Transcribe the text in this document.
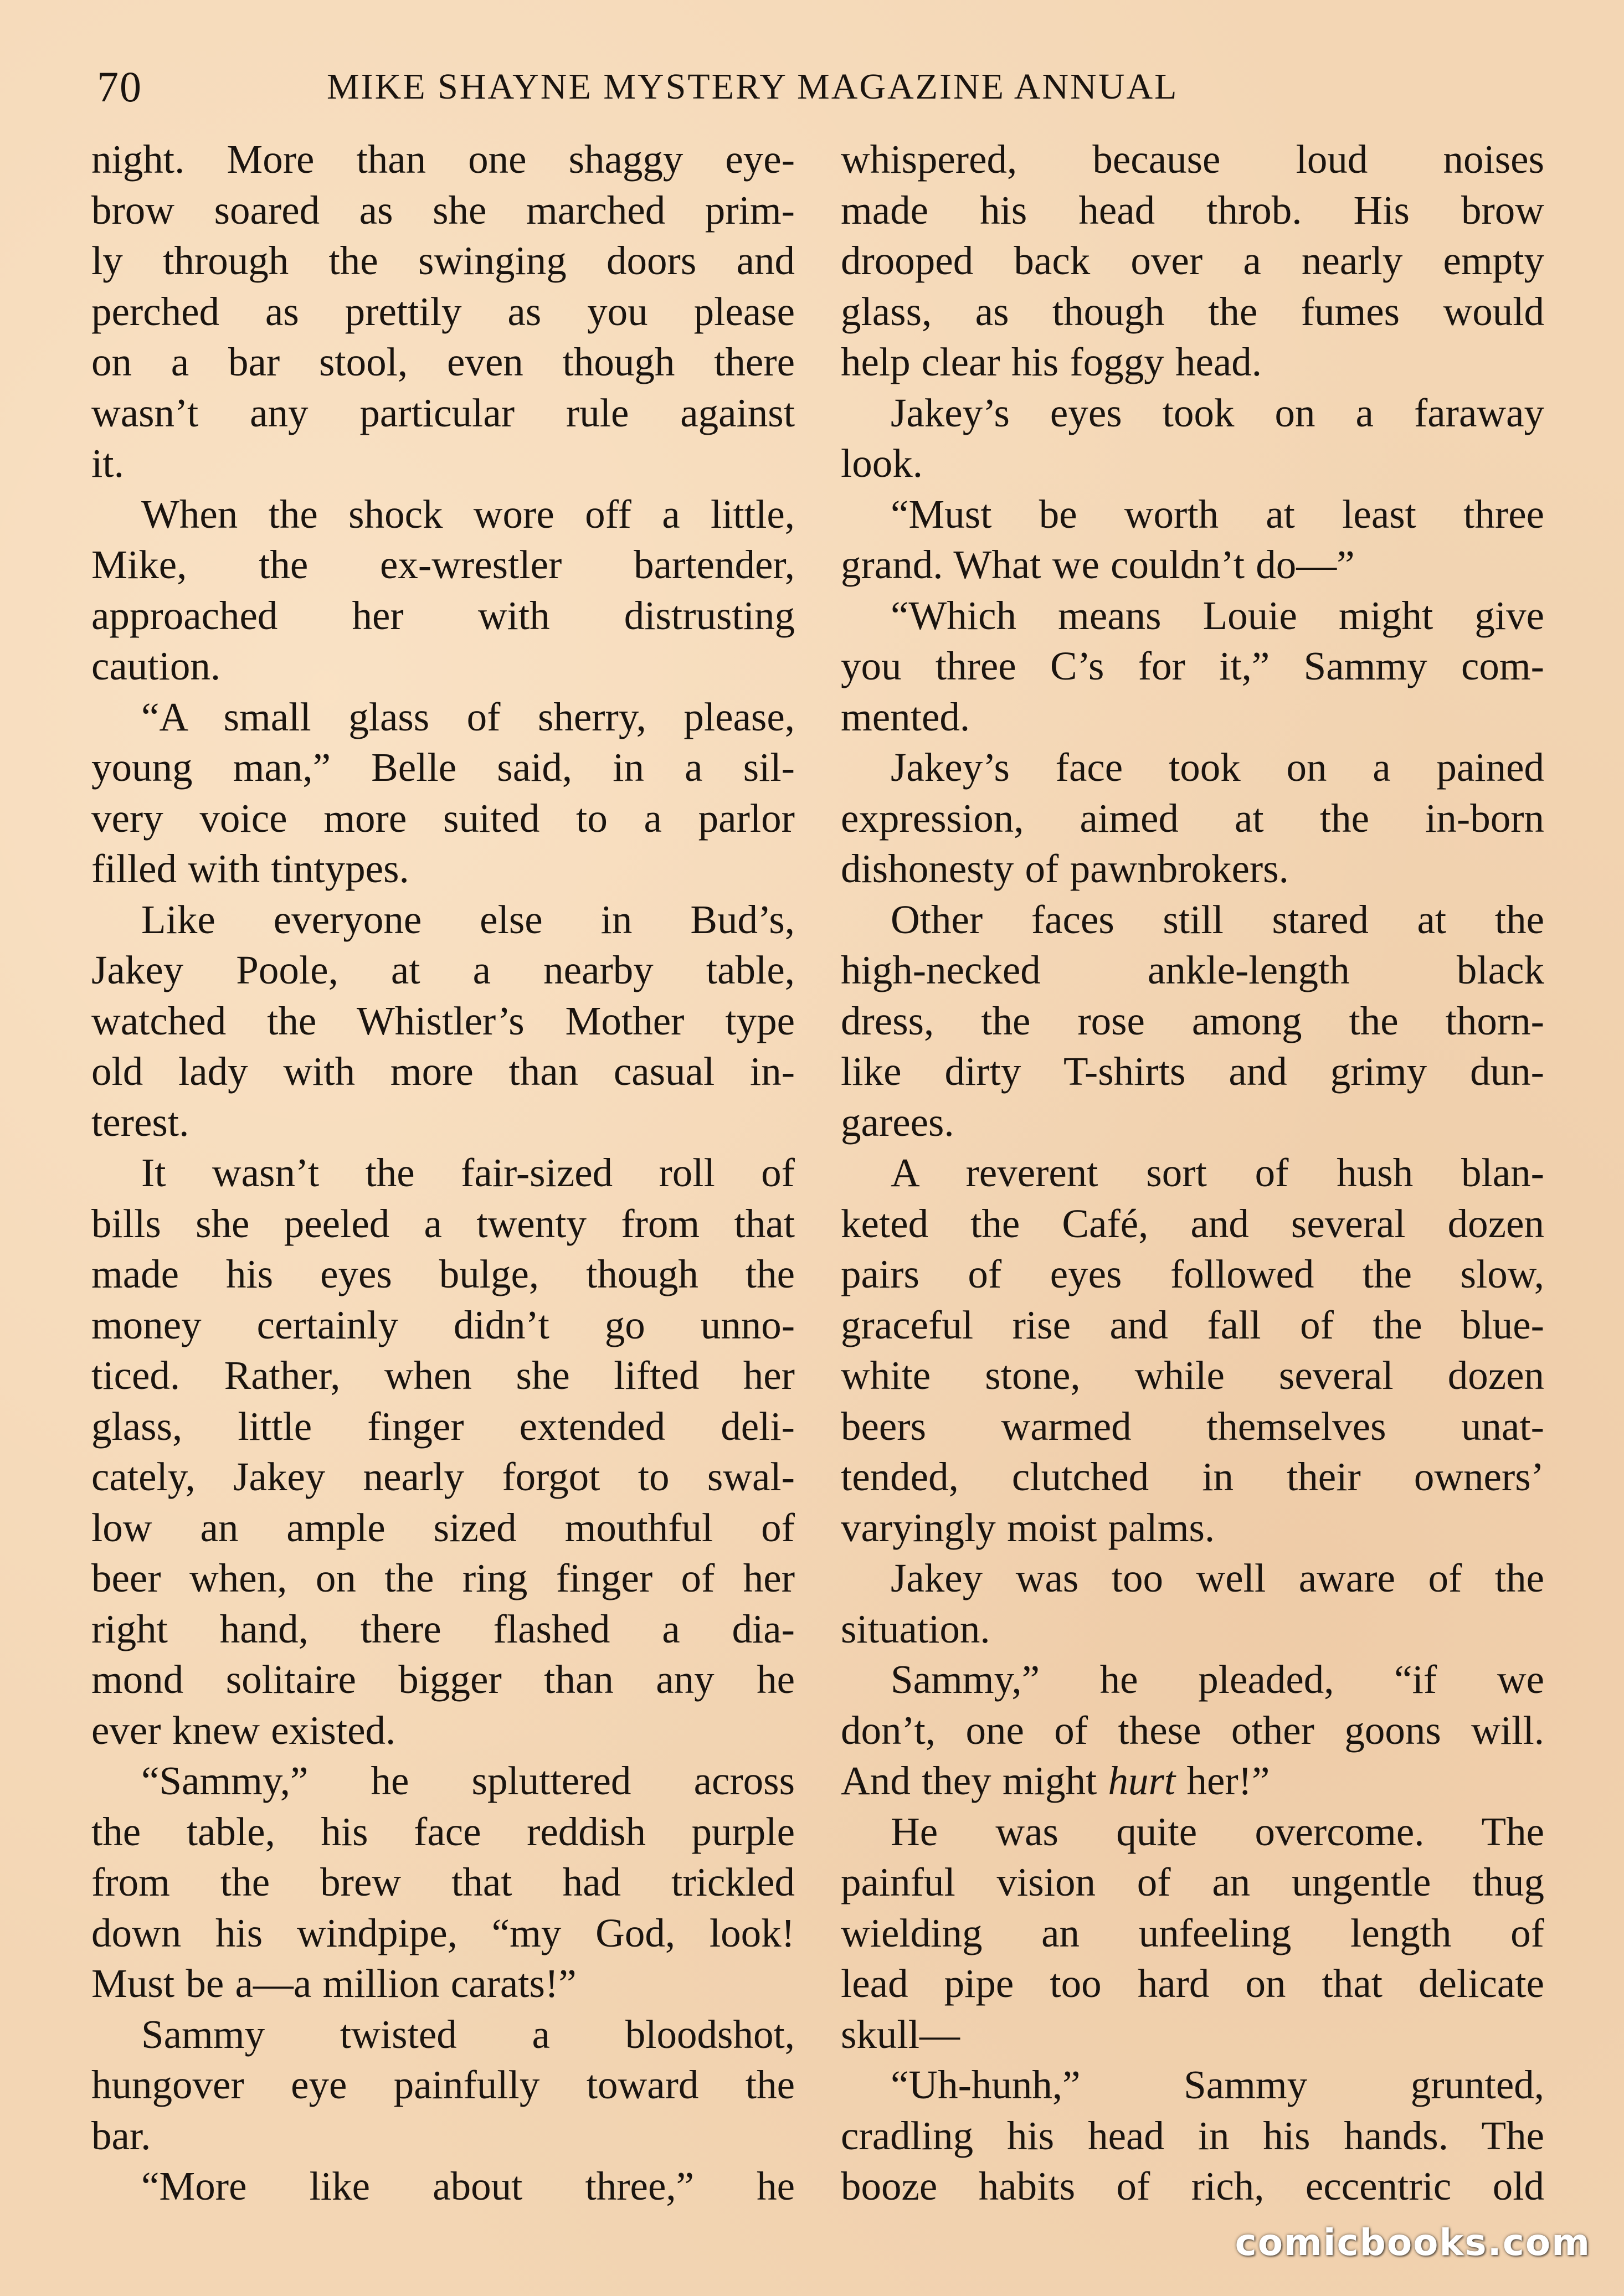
70	MIKE SHAYNE MYSTERY MAGAZINE ANNUAL
night. More than one shaggy eye-
brow soared as she marched prim-
ly through the swinging doors and
perched as prettily as you please
on a bar stool, even though there
wasn’t any particular rule against
it.
When the shock wore off a little,
Mike, the ex-wrestler bartender,
approached her with distrusting
caution.
“A small glass of sherry, please,
young man,” Belle said, in a sil-
very voice more suited to a parlor
filled with tintypes.
Like everyone else in Bud’s,
Jakey Poole, at a nearby table,
watched the Whistler’s Mother type
old lady with more than casual in-
terest.
It wasn’t the fair-sized roll of
bills she peeled a twenty from that
made his eyes bulge, though the
money certainly didn’t go unno-
ticed. Rather, when she lifted her
glass, little finger extended deli-
cately, Jakey nearly forgot to swal-
low an ample sized mouthful of
beer when, on the ring finger of her
right hand, there flashed a dia-
mond solitaire bigger than any he
ever knew existed.
“Sammy,” he spluttered across
the table, his face reddish purple
from the brew that had trickled
down his windpipe, “my God, look!
Must be a—a million carats!”
Sammy twisted a bloodshot,
hungover eye painfully toward the
bar.
“More like about three,” he
whispered, because loud noises
made his head throb. His brow
drooped back over a nearly empty
glass, as though the fumes would
help clear his foggy head.
Jakey’s eyes took on a faraway
look.
“Must be worth at least three
grand. What we couldn’t do—”
“Which means Louie might give
you three C’s for it,” Sammy com-
mented.
Jakey’s face took on a pained
expression, aimed at the in-born
dishonesty of pawnbrokers.
Other faces still stared at the
high-necked ankle-length black
dress, the rose among the thorn-
like dirty T-shirts and grimy dun-
garees.
A reverent sort of hush blan-
keted the Café, and several dozen
pairs of eyes followed the slow,
graceful rise and fall of the blue-
white stone, while several dozen
beers warmed themselves unat-
tended, clutched in their owners’
varyingly moist palms.
Jakey was too well aware of the
situation.
Sammy,” he pleaded, “if we
don’t, one of these other goons will.
And they might hurt her!”
He was quite overcome. The
painful vision of an ungentle thug
wielding an unfeeling length of
lead pipe too hard on that delicate
skull—
“Uh-hunh,” Sammy grunted,
cradling his head in his hands. The
booze habits of rich, eccentric old
comicbooks.com
